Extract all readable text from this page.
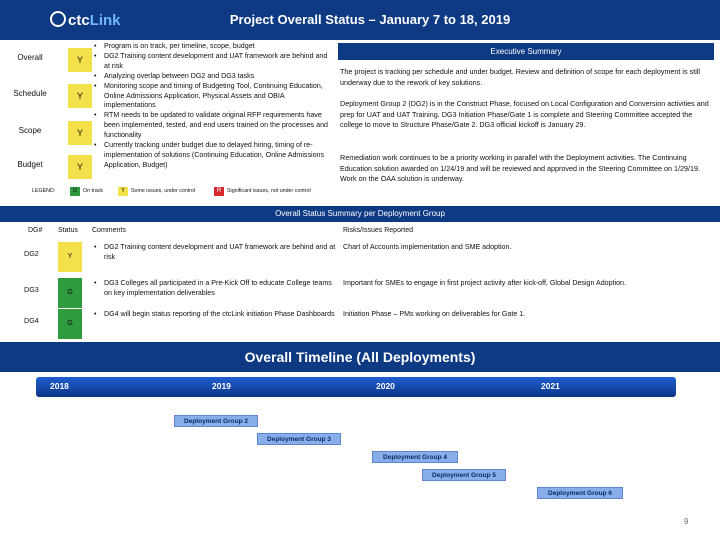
ctcLink	Project Overall Status – January 7 to 18, 2019
Overall	Y
Schedule	Y
Scope	Y
Budget	Y
• Program is on track, per timeline, scope, budget
• DG2 Training content development and UAT framework are behind and at risk
• Analyzing overlap between DG2 and DG3 tasks
• Monitoring scope and timing of Budgeting Tool, Continuing Education, Online Admissions Application, Physical Assets and OBIA implementations
• RTM needs to be updated to validate original RFP requirements have been implemented, tested, and end users trained on the processes and functionality
• Currently tracking under budget due to delayed hiring, timing of re-implementation of solutions (Continuing Education, Online Admissions Application, Budget)
LEGEND:	G	On track	Y	Some issues, under control	R	Significant issues, not under control
Executive Summary

The project is tracking per schedule and under budget. Review and definition of scope for each deployment is still underway due to the rework of key solutions.

Deployment Group 2 (DG2) is in the Construct Phase, focused on Local Configuration and Conversion activities and prep for UAT and UAT Training. DG3 Initiation Phase/Gate 1 is complete and Steering Committee accepted the college to move to Structure Phase/Gate 2. DG3 official kickoff is January 29.

Remediation work continues to be a priority working in parallel with the Deployment activities. The Continuing Education solution awarded on 1/24/19 and will be reviewed and approved in the Steering Committee on 1/29/19. Work on the OAA solution is underway.

Overall Status Summary per Deployment Group
DG# Status Comments	Risks/Issues Reported
DG2	Y
• DG2 Training content development and UAT framework are behind and at risk
Chart of Accounts implementation and SME adoption.
DG3	G
• DG3 Colleges all participated in a Pre-Kick Off to educate College teams on key implementation deliverables
Important for SMEs to engage in first project activity after kick-off, Global Design Adoption.
DG4	G
• DG4 will begin status reporting of the ctcLink initiation Phase Dashboards	Initiation Phase – PMs working on deliverables for Gate 1.
Overall Timeline (All Deployments)
2018	2019	2020	2021
Deployment Group 2
Deployment Group 3
Deployment Group 4
Deployment Group 5
Deployment Group 6
9
